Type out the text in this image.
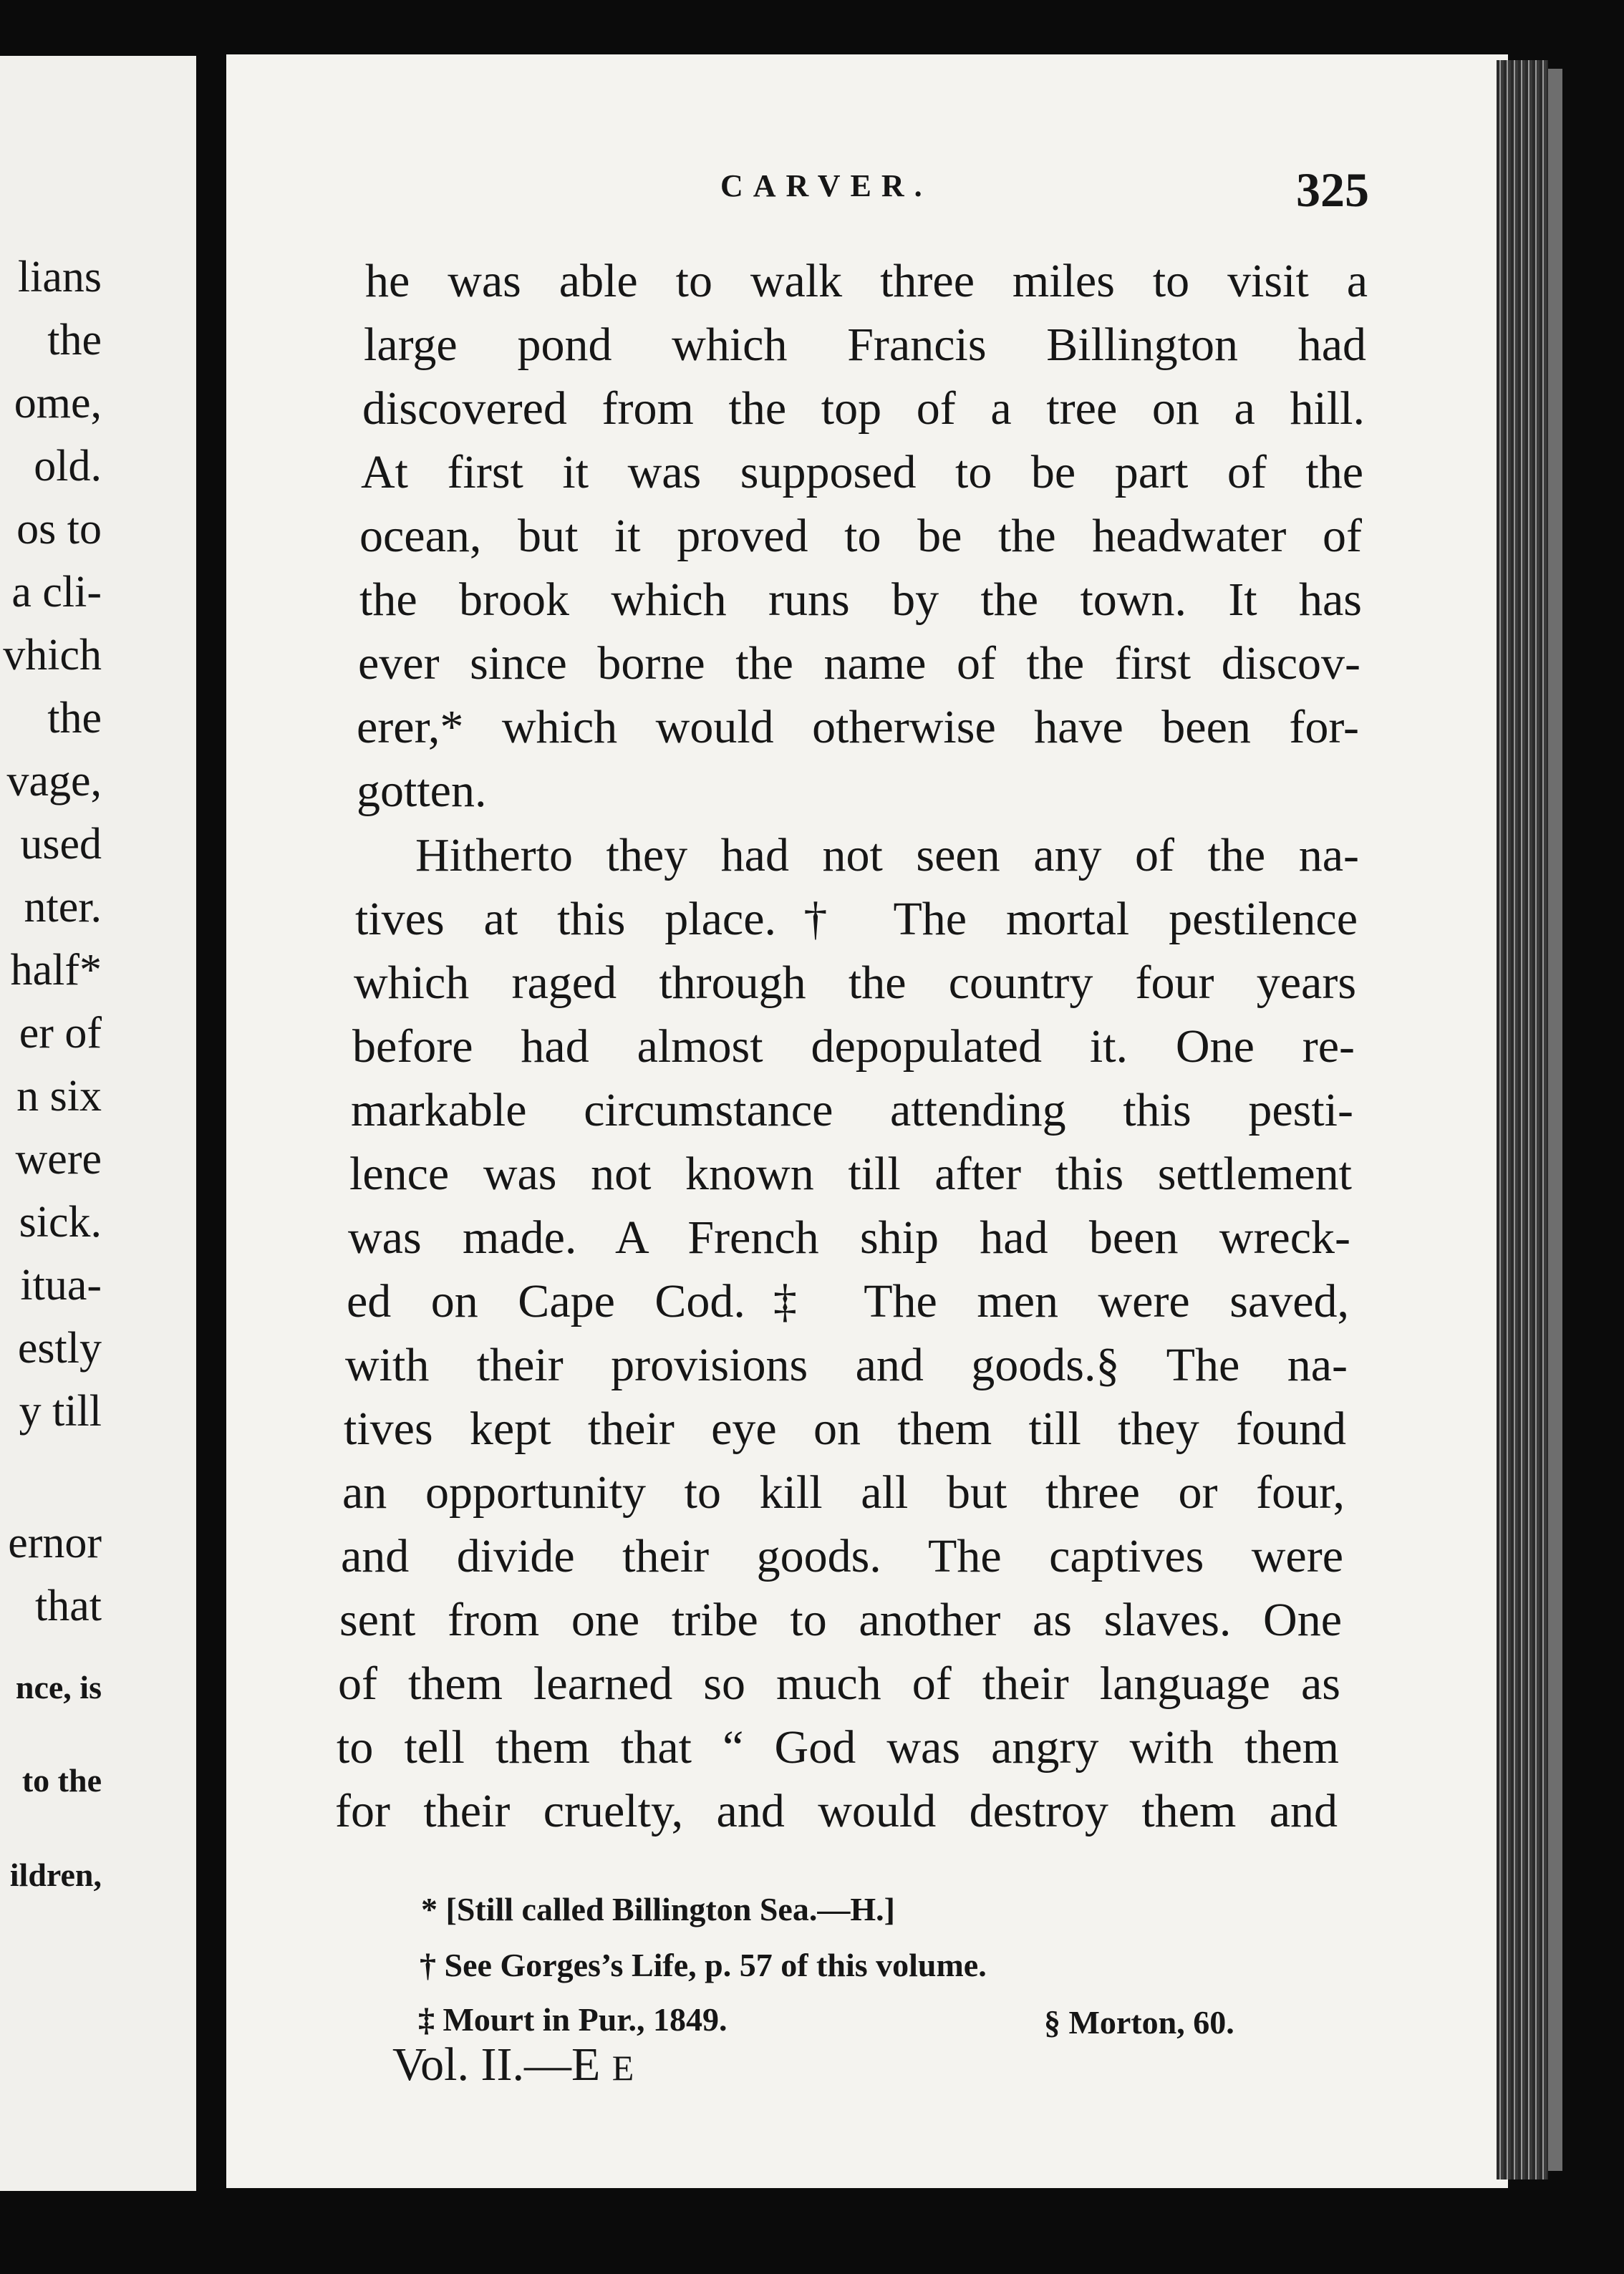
lians
the
ome,
old.
os to
a cli-
vhich
the
vage,
used
nter.
half*
er of
n six
were
sick.
itua-
estly
y till
ernor
that
nce, is
to the
ildren,
CARVER.	325
he was able to walk three miles to visit a
large pond which Francis Billington had
discovered from the top of a tree on a hill.
At first it was supposed to be part of the
ocean, but it proved to be the headwater of
the brook which runs by the town. It has
ever since borne the name of the first discov-
erer,* which would otherwise have been for-
gotten.
Hitherto they had not seen any of the na-
tives at this place.† The mortal pestilence
which raged through the country four years
before had almost depopulated it. One re-
markable circumstance attending this pesti-
lence was not known till after this settlement
was made. A French ship had been wreck-
ed on Cape Cod.‡ The men were saved,
with their provisions and goods.§ The na-
tives kept their eye on them till they found
an opportunity to kill all but three or four,
and divide their goods. The captives were
sent from one tribe to another as slaves. One
of them learned so much of their language as
to tell them that “ God was angry with them
for their cruelty, and would destroy them and
* [Still called Billington Sea.—H.]
† See Gorges’s Life, p. 57 of this volume.
‡ Mourt in Pur., 1849.	§ Morton, 60.
Vol. II.—E E
